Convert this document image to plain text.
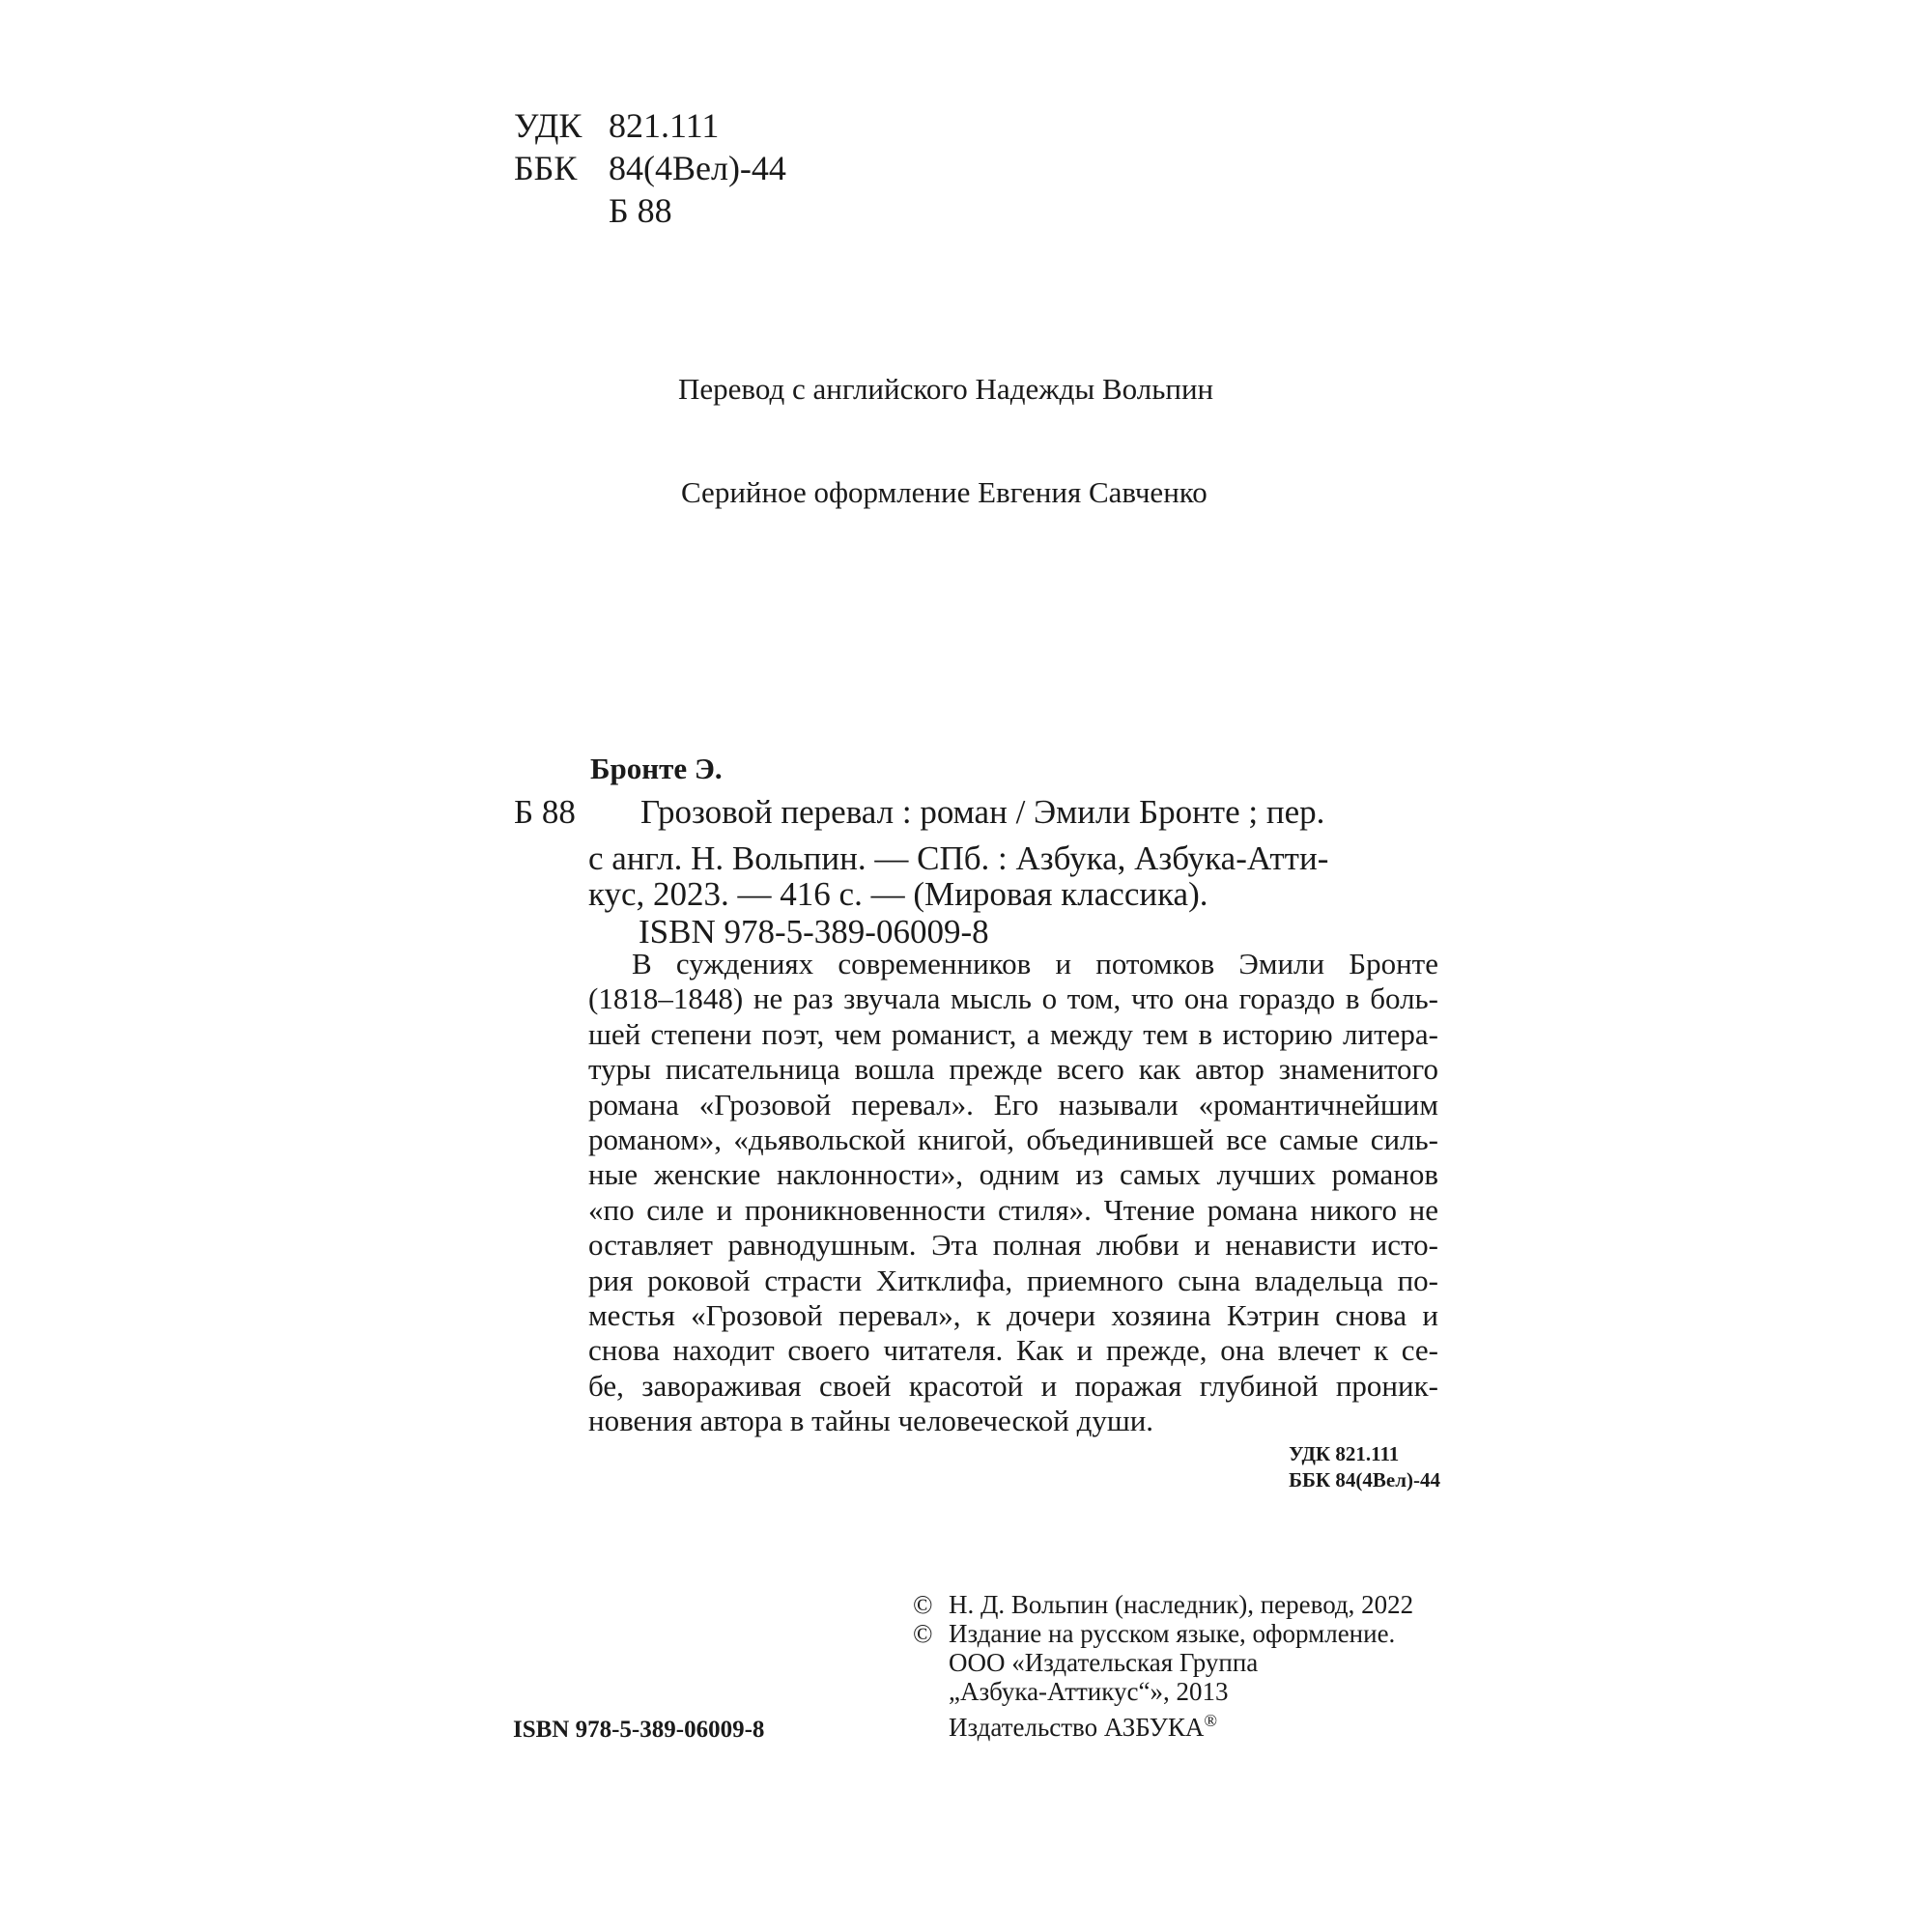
УДК 821.111
ББК 84(4Вел)-44
Б 88
Перевод с английского Надежды Вольпин
Серийное оформление Евгения Савченко
Бронте Э.
Б 88 Грозовой перевал : роман / Эмили Бронте ; пер.
с англ. Н. Вольпин. — СПб. : Азбука, Азбука-Атти-
кус, 2023. — 416 с. — (Мировая классика).
ISBN 978-5-389-06009-8
В суждениях современников и потомков Эмили Бронте
(1818–1848) не раз звучала мысль о том, что она гораздо в боль-
шей степени поэт, чем романист, а между тем в историю литера-
туры писательница вошла прежде всего как автор знаменитого
романа «Грозовой перевал». Его называли «романтичнейшим
романом», «дьявольской книгой, объединившей все самые силь-
ные женские наклонности», одним из самых лучших романов
«по силе и проникновенности стиля». Чтение романа никого не
оставляет равнодушным. Эта полная любви и ненависти исто-
рия роковой страсти Хитклифа, приемного сына владельца по-
местья «Грозовой перевал», к дочери хозяина Кэтрин снова и
снова находит своего читателя. Как и прежде, она влечет к се-
бе, завораживая своей красотой и поражая глубиной проник-
новения автора в тайны человеческой души.
УДК 821.111
ББК 84(4Вел)-44
© Н. Д. Вольпин (наследник), перевод, 2022
© Издание на русском языке, оформление.
ООО «Издательская Группа
„Азбука-Аттикус“», 2013
Издательство АЗБУКА®
ISBN 978-5-389-06009-8
